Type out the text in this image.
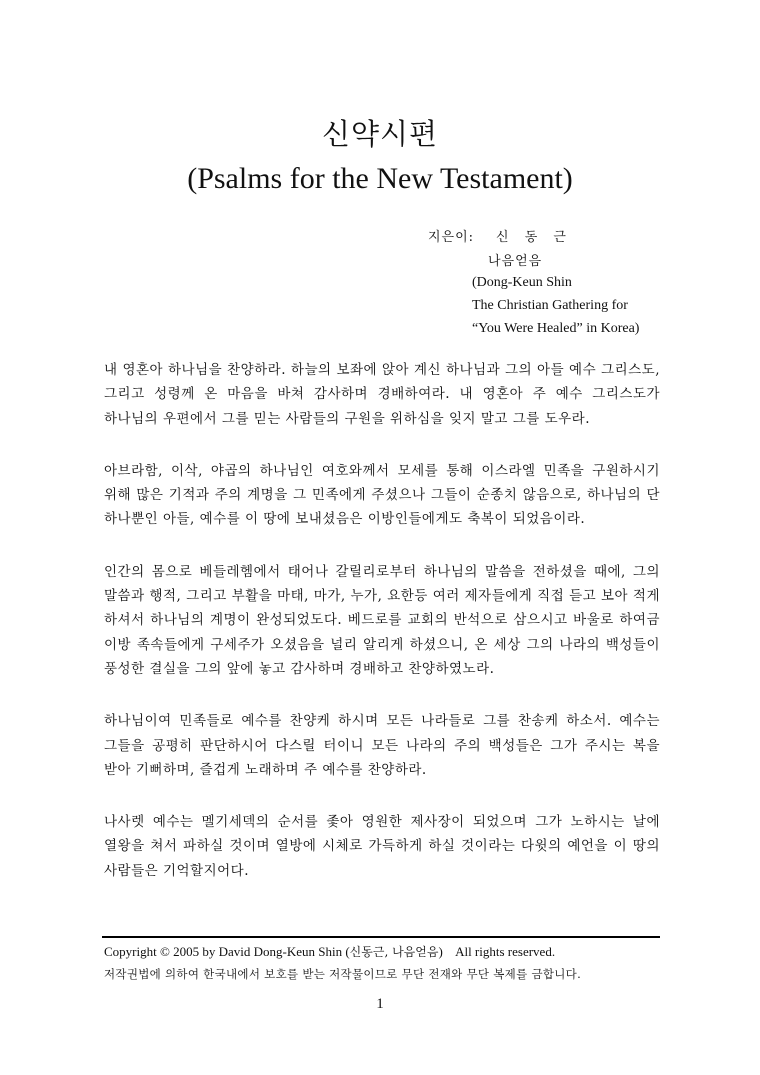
신약시편
(Psalms for the New Testament)
지은이: 신 동 근
나음얻음
(Dong-Keun Shin
The Christian Gathering for
“You Were Healed” in Korea)

내 영혼아 하나님을 찬양하라. 하늘의 보좌에 앉아 계신 하나님과 그의 아들 예수 그리스도, 그리고 성령께 온 마음을 바쳐 감사하며 경배하여라. 내 영혼아 주 예수 그리스도가 하나님의 우편에서 그를 믿는 사람들의 구원을 위하심을 잊지 말고 그를 도우라.

아브라함, 이삭, 야곱의 하나님인 여호와께서 모세를 통해 이스라엘 민족을 구원하시기 위해 많은 기적과 주의 계명을 그 민족에게 주셨으나 그들이 순종치 않음으로, 하나님의 단 하나뿐인 아들, 예수를 이 땅에 보내셨음은 이방인들에게도 축복이 되었음이라.

인간의 몸으로 베들레헴에서 태어나 갈릴리로부터 하나님의 말씀을 전하셨을 때에, 그의 말씀과 행적, 그리고 부활을 마태, 마가, 누가, 요한등 여러 제자들에게 직접 듣고 보아 적게 하셔서 하나님의 계명이 완성되었도다. 베드로를 교회의 반석으로 삼으시고 바울로 하여금 이방 족속들에게 구세주가 오셨음을 널리 알리게 하셨으니, 온 세상 그의 나라의 백성들이 풍성한 결실을 그의 앞에 놓고 감사하며 경배하고 찬양하였노라.

하나님이여 민족들로 예수를 찬양케 하시며 모든 나라들로 그를 찬송케 하소서. 예수는 그들을 공평히 판단하시어 다스릴 터이니 모든 나라의 주의 백성들은 그가 주시는 복을 받아 기뻐하며, 즐겁게 노래하며 주 예수를 찬양하라.

나사렛 예수는 멜기세덱의 순서를 좇아 영원한 제사장이 되었으며 그가 노하시는 날에 열왕을 쳐서 파하실 것이며 열방에 시체로 가득하게 하실 것이라는 다윗의 예언을 이 땅의 사람들은 기억할지어다.

Copyright © 2005 by David Dong-Keun Shin (신동근, 나음얻음)    All rights reserved.
저작권법에 의하여 한국내에서 보호를 받는 저작물이므로 무단 전재와 무단 복제를 금합니다.
1
